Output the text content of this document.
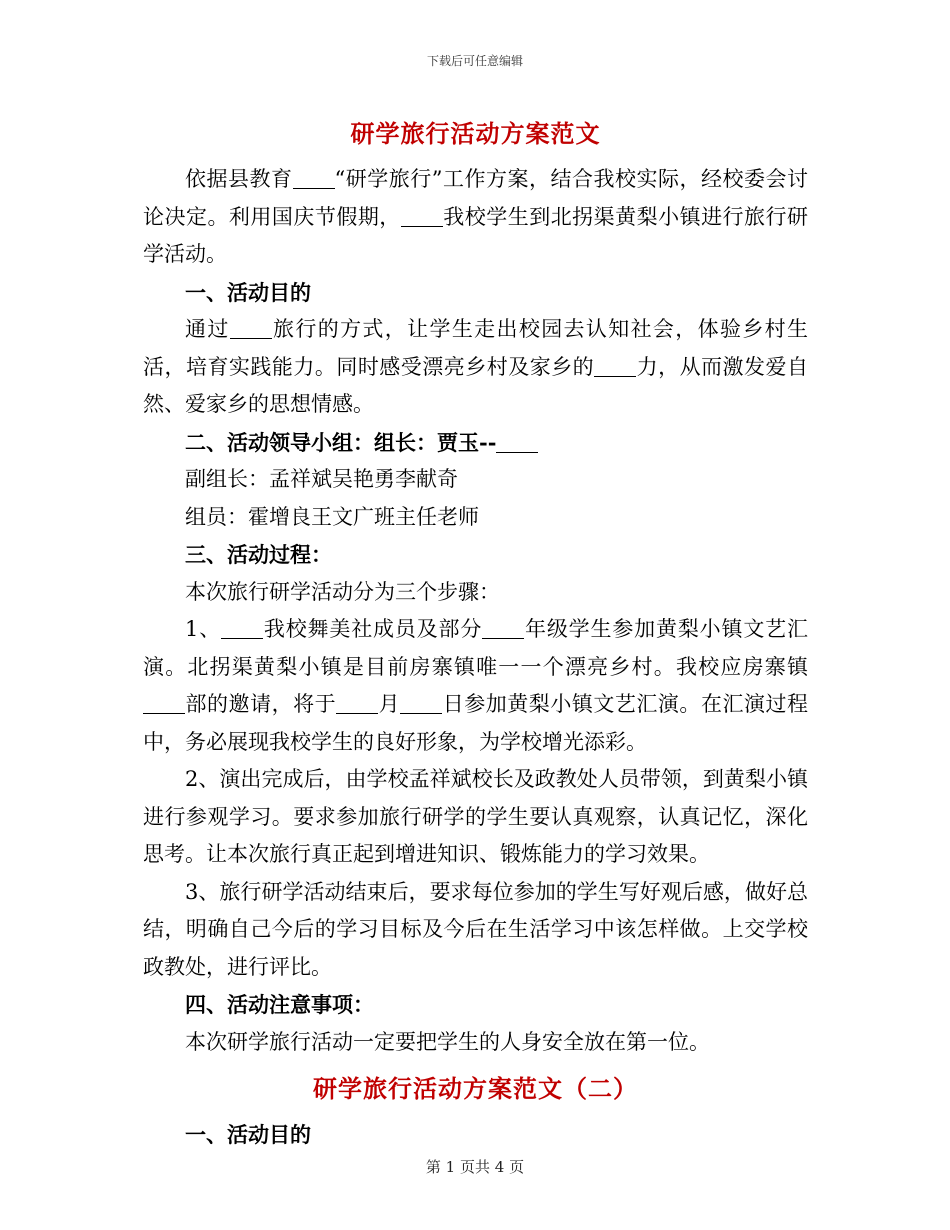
下载后可任意编辑
研学旅行活动方案范文

依据县教育 “研学旅行”工作方案，结合我校实际，经校委会讨论决定。利用国庆节假期， 我校学生到北拐渠黄梨小镇进行旅行研学活动。

一、活动目的

通过 旅行的方式，让学生走出校园去认知社会，体验乡村生活，培育实践能力。同时感受漂亮乡村及家乡的 力，从而激发爱自然、爱家乡的思想情感。

二、活动领导小组：组长：贾玉--

副组长：孟祥斌吴艳勇李献奇

组员：霍增良王文广班主任老师

三、活动过程：

本次旅行研学活动分为三个步骤：

1、 我校舞美社成员及部分 年级学生参加黄梨小镇文艺汇演。北拐渠黄梨小镇是目前房寨镇唯一一个漂亮乡村。我校应房寨镇部的邀请，将于 月 日参加黄梨小镇文艺汇演。在汇演过程中，务必展现我校学生的良好形象，为学校增光添彩。

2、演出完成后，由学校孟祥斌校长及政教处人员带领，到黄梨小镇进行参观学习。要求参加旅行研学的学生要认真观察，认真记忆，深化思考。让本次旅行真正起到增进知识、锻炼能力的学习效果。

3、旅行研学活动结束后，要求每位参加的学生写好观后感，做好总结，明确自己今后的学习目标及今后在生活学习中该怎样做。上交学校政教处，进行评比。

四、活动注意事项：

本次研学旅行活动一定要把学生的人身安全放在第一位。

研学旅行活动方案范文（二）

一、活动目的

第 1 页共 4 页
